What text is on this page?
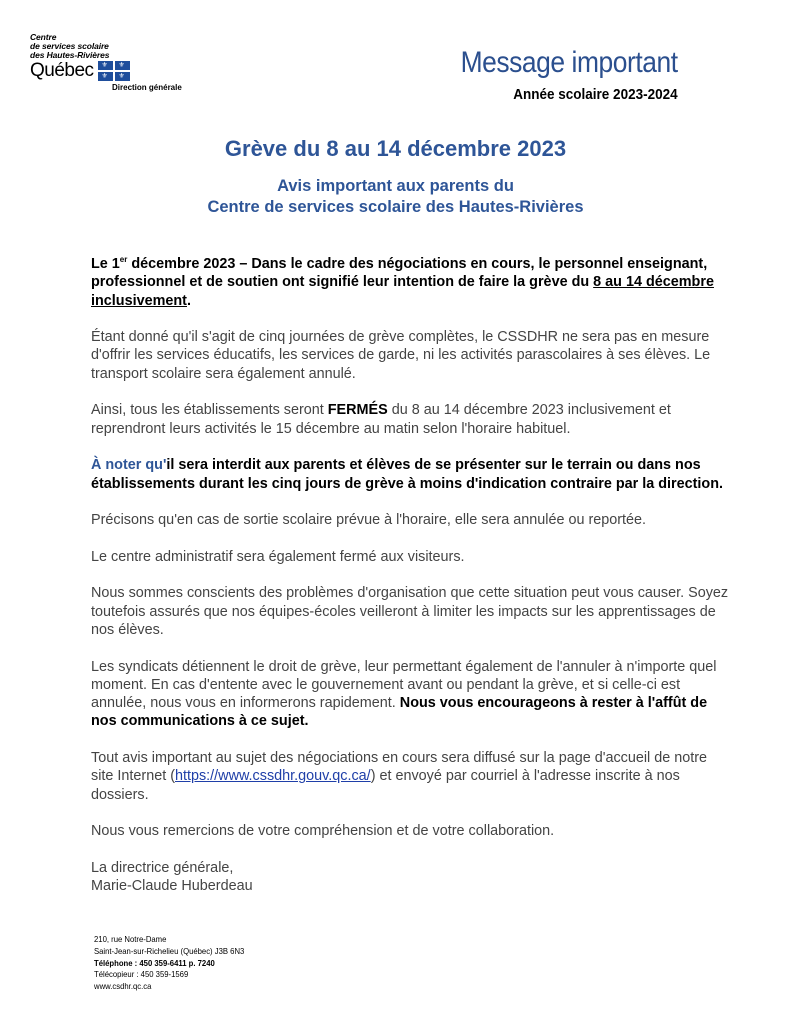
Centre
de services scolaire
des Hautes-Rivières
Québec ⚜ ⚜
⚜ ⚜
Direction générale
Message important
Année scolaire 2023-2024
Grève du 8 au 14 décembre 2023
Avis important aux parents du
Centre de services scolaire des Hautes-Rivières

Le 1er décembre 2023 – Dans le cadre des négociations en cours, le personnel enseignant, professionnel et de soutien ont signifié leur intention de faire la grève du 8 au 14 décembre inclusivement.

Étant donné qu'il s'agit de cinq journées de grève complètes, le CSSDHR ne sera pas en mesure d'offrir les services éducatifs, les services de garde, ni les activités parascolaires à ses élèves. Le transport scolaire sera également annulé.

Ainsi, tous les établissements seront FERMÉS du 8 au 14 décembre 2023 inclusivement et reprendront leurs activités le 15 décembre au matin selon l'horaire habituel.

À noter qu'il sera interdit aux parents et élèves de se présenter sur le terrain ou dans nos établissements durant les cinq jours de grève à moins d'indication contraire par la direction.

Précisons qu'en cas de sortie scolaire prévue à l'horaire, elle sera annulée ou reportée.

Le centre administratif sera également fermé aux visiteurs.

Nous sommes conscients des problèmes d'organisation que cette situation peut vous causer. Soyez toutefois assurés que nos équipes-écoles veilleront à limiter les impacts sur les apprentissages de nos élèves.

Les syndicats détiennent le droit de grève, leur permettant également de l'annuler à n'importe quel moment. En cas d'entente avec le gouvernement avant ou pendant la grève, et si celle-ci est annulée, nous vous en informerons rapidement. Nous vous encourageons à rester à l'affût de nos communications à ce sujet.

Tout avis important au sujet des négociations en cours sera diffusé sur la page d'accueil de notre site Internet (https://www.cssdhr.gouv.qc.ca/) et envoyé par courriel à l'adresse inscrite à nos dossiers.

Nous vous remercions de votre compréhension et de votre collaboration.

La directrice générale,
Marie-Claude Huberdeau
210, rue Notre-Dame
Saint-Jean-sur-Richelieu (Québec) J3B 6N3
Téléphone : 450 359-6411 p. 7240
Télécopieur : 450 359-1569
www.csdhr.qc.ca
